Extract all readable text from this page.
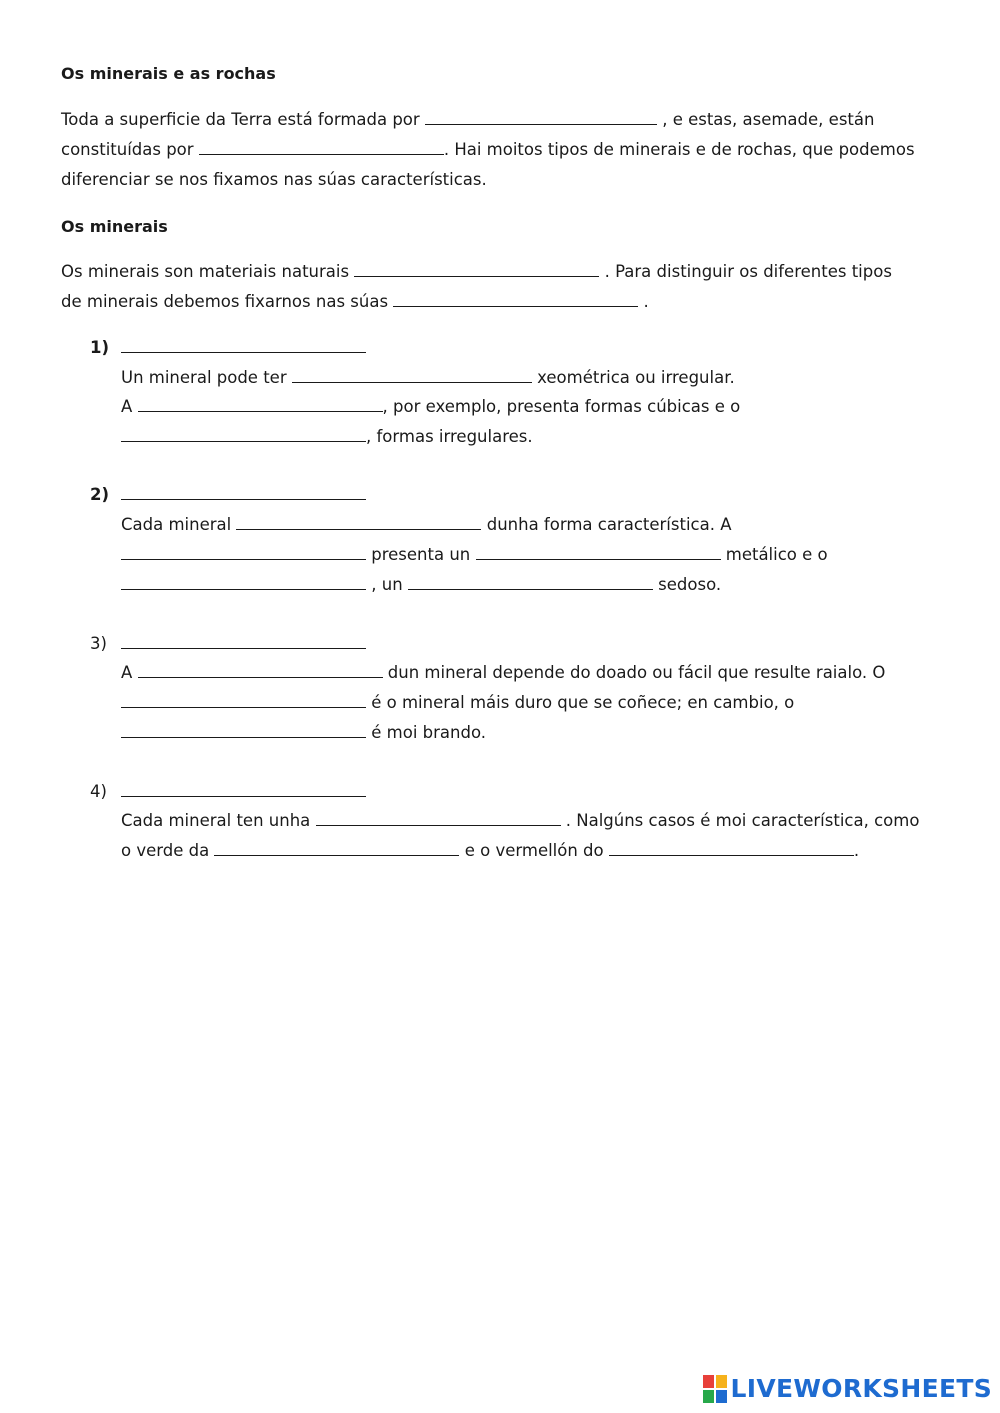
Os minerais e as rochas
Toda a superficie da Terra está formada por	, e estas, asemade, están
constituídas por	. Hai moitos tipos de minerais e de rochas, que podemos
diferenciar se nos fixamos nas súas características.
Os minerais
Os minerais son materiais naturais	. Para distinguir os diferentes tipos
de minerais debemos fixarnos nas súas	.
1)
Un mineral pode ter	xeométrica ou irregular.
A	, por exemplo, presenta formas cúbicas e o
, formas irregulares.
2)
Cada mineral	dunha forma característica. A
presenta un	metálico e o
, un	sedoso.
3)
A	dun mineral depende do doado ou fácil que resulte raialo. O
é o mineral máis duro que se coñece; en cambio, o
é moi brando.
4)
Cada mineral ten unha	. Nalgúns casos é moi característica, como
o verde da	e o vermellón do	.
LIVEWORKSHEETS
